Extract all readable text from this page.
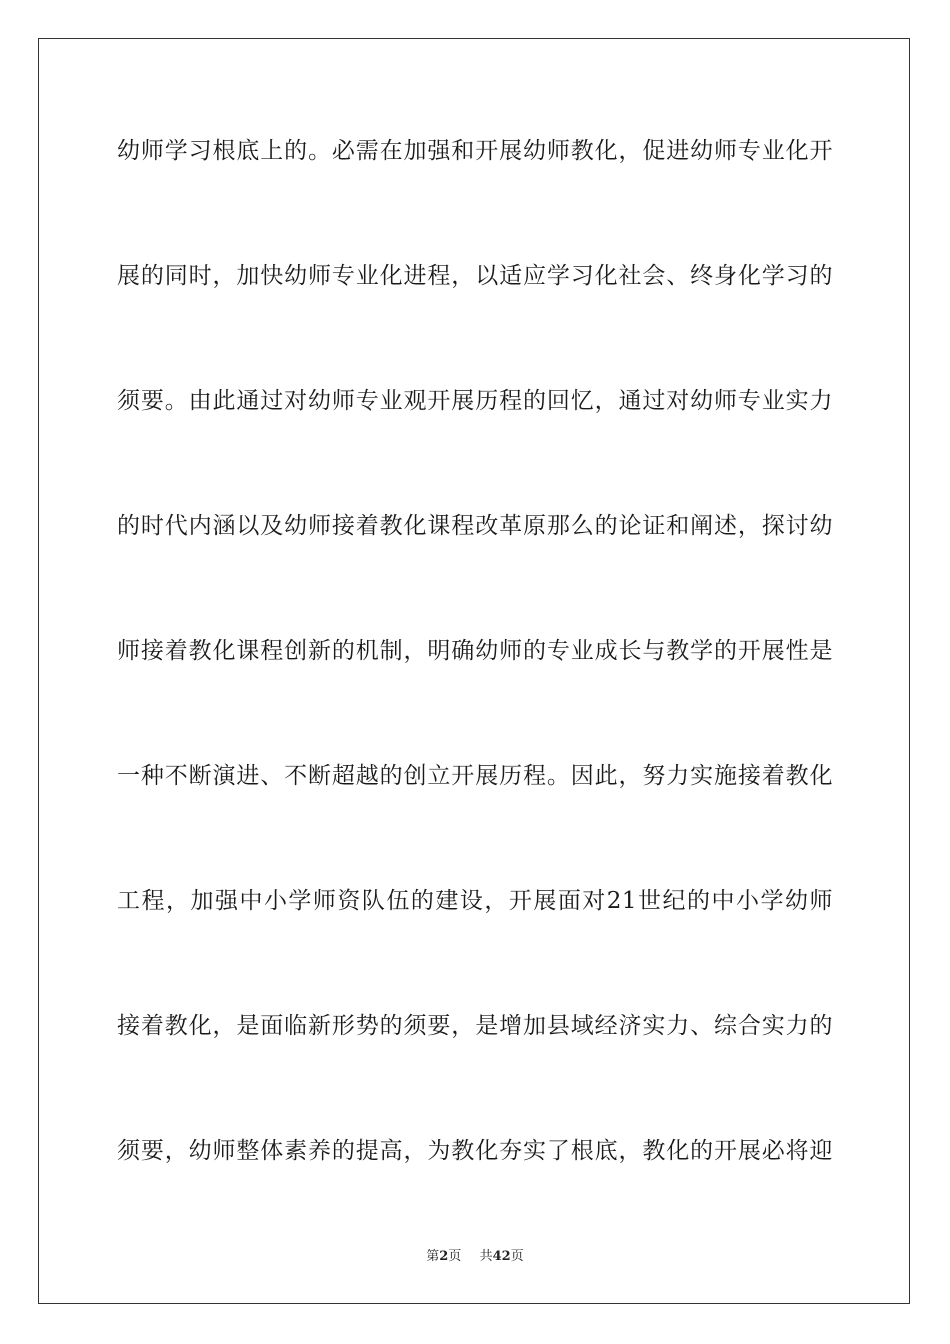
幼师学习根底上的。必需在加强和开展幼师教化，促进幼师专业化开
展的同时，加快幼师专业化进程，以适应学习化社会、终身化学习的
须要。由此通过对幼师专业观开展历程的回忆，通过对幼师专业实力
的时代内涵以及幼师接着教化课程改革原那么的论证和阐述，探讨幼
师接着教化课程创新的机制，明确幼师的专业成长与教学的开展性是
一种不断演进、不断超越的创立开展历程。因此，努力实施接着教化
工程，加强中小学师资队伍的建设，开展面对21世纪的中小学幼师
接着教化，是面临新形势的须要，是增加县域经济实力、综合实力的
须要，幼师整体素养的提高，为教化夯实了根底，教化的开展必将迎
第2页 共42页
